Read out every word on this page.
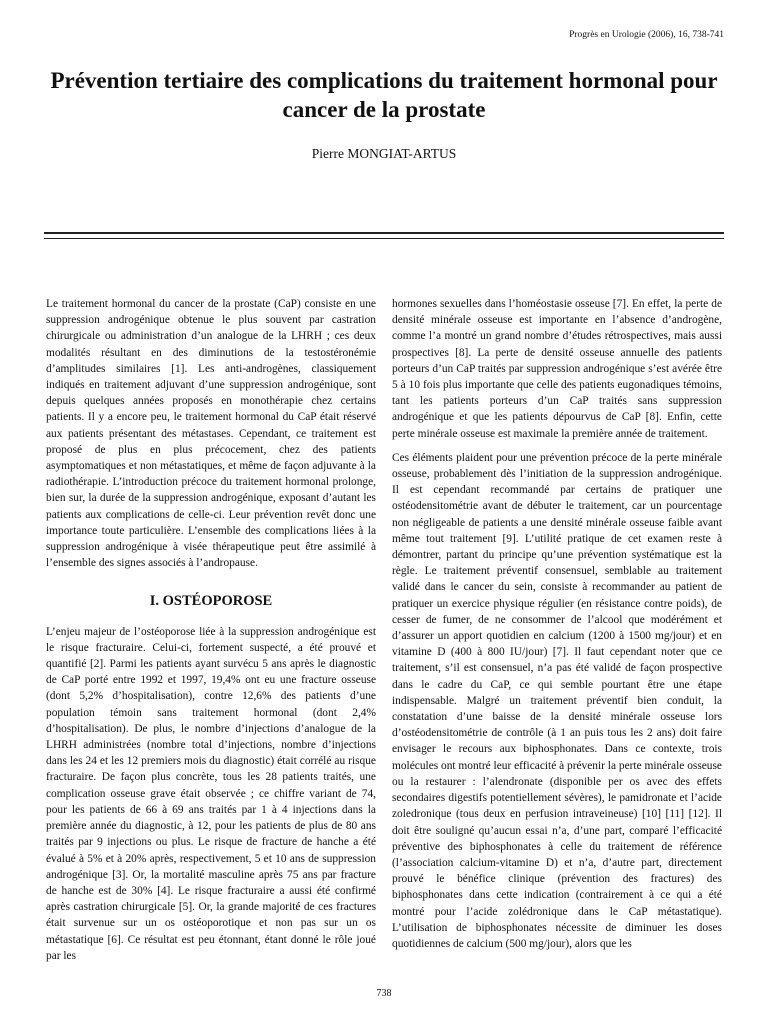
Progrès en Urologie (2006), 16, 738-741
Prévention tertiaire des complications du traitement hormonal pour cancer de la prostate
Pierre MONGIAT-ARTUS

Le traitement hormonal du cancer de la prostate (CaP) consiste en une suppression androgénique obtenue le plus souvent par castration chirurgicale ou administration d’un analogue de la LHRH ; ces deux modalités résultant en des diminutions de la testostéronémie d’amplitudes similaires [1]. Les anti-androgènes, classiquement indiqués en traitement adjuvant d’une suppression androgénique, sont depuis quelques années proposés en monothérapie chez certains patients. Il y a encore peu, le traitement hormonal du CaP était réservé aux patients présentant des métastases. Cependant, ce traitement est proposé de plus en plus précocement, chez des patients asymptomatiques et non métastatiques, et même de façon adjuvante à la radiothérapie. L’introduction précoce du traitement hormonal prolonge, bien sur, la durée de la suppression androgénique, exposant d’autant les patients aux complications de celle-ci. Leur prévention revêt donc une importance toute particulière. L’ensemble des complications liées à la suppression androgénique à visée thérapeutique peut être assimilé à l’ensemble des signes associés à l’andropause.

I. OSTÉOPOROSE

L’enjeu majeur de l’ostéoporose liée à la suppression androgénique est le risque fracturaire. Celui-ci, fortement suspecté, a été prouvé et quantifié [2]. Parmi les patients ayant survécu 5 ans après le diagnostic de CaP porté entre 1992 et 1997, 19,4% ont eu une fracture osseuse (dont 5,2% d’hospitalisation), contre 12,6% des patients d’une population témoin sans traitement hormonal (dont 2,4% d’hospitalisation). De plus, le nombre d’injections d’analogue de la LHRH administrées (nombre total d’injections, nombre d’injections dans les 24 et les 12 premiers mois du diagnostic) était corrélé au risque fracturaire. De façon plus concrète, tous les 28 patients traités, une complication osseuse grave était observée ; ce chiffre variant de 74, pour les patients de 66 à 69 ans traités par 1 à 4 injections dans la première année du diagnostic, à 12, pour les patients de plus de 80 ans traités par 9 injections ou plus. Le risque de fracture de hanche a été évalué à 5% et à 20% après, respectivement, 5 et 10 ans de suppression androgénique [3]. Or, la mortalité masculine après 75 ans par fracture de hanche est de 30% [4]. Le risque fracturaire a aussi été confirmé après castration chirurgicale [5]. Or, la grande majorité de ces fractures était survenue sur un os ostéoporotique et non pas sur un os métastatique [6]. Ce résultat est peu étonnant, étant donné le rôle joué par les

hormones sexuelles dans l’homéostasie osseuse [7]. En effet, la perte de densité minérale osseuse est importante en l’absence d’androgène, comme l’a montré un grand nombre d’études rétrospectives, mais aussi prospectives [8]. La perte de densité osseuse annuelle des patients porteurs d’un CaP traités par suppression androgénique s’est avérée être 5 à 10 fois plus importante que celle des patients eugonadiques témoins, tant les patients porteurs d’un CaP traités sans suppression androgénique et que les patients dépourvus de CaP [8]. Enfin, cette perte minérale osseuse est maximale la première année de traitement.

Ces éléments plaident pour une prévention précoce de la perte minérale osseuse, probablement dès l’initiation de la suppression androgénique. Il est cependant recommandé par certains de pratiquer une ostéodensitométrie avant de débuter le traitement, car un pourcentage non négligeable de patients a une densité minérale osseuse faible avant même tout traitement [9]. L’utilité pratique de cet examen reste à démontrer, partant du principe qu’une prévention systématique est la règle. Le traitement préventif consensuel, semblable au traitement validé dans le cancer du sein, consiste à recommander au patient de pratiquer un exercice physique régulier (en résistance contre poids), de cesser de fumer, de ne consommer de l’alcool que modérément et d’assurer un apport quotidien en calcium (1200 à 1500 mg/jour) et en vitamine D (400 à 800 IU/jour) [7]. Il faut cependant noter que ce traitement, s’il est consensuel, n’a pas été validé de façon prospective dans le cadre du CaP, ce qui semble pourtant être une étape indispensable. Malgré un traitement préventif bien conduit, la constatation d’une baisse de la densité minérale osseuse lors d’ostéodensitométrie de contrôle (à 1 an puis tous les 2 ans) doit faire envisager le recours aux biphosphonates. Dans ce contexte, trois molécules ont montré leur efficacité à prévenir la perte minérale osseuse ou la restaurer : l’alendronate (disponible per os avec des effets secondaires digestifs potentiellement sévères), le pamidronate et l’acide zoledronique (tous deux en perfusion intraveineuse) [10] [11] [12]. Il doit être souligné qu’aucun essai n’a, d’une part, comparé l’efficacité préventive des biphosphonates à celle du traitement de référence (l’association calcium-vitamine D) et n’a, d’autre part, directement prouvé le bénéfice clinique (prévention des fractures) des biphosphonates dans cette indication (contrairement à ce qui a été montré pour l’acide zolédronique dans le CaP métastatique). L’utilisation de biphosphonates nécessite de diminuer les doses quotidiennes de calcium (500 mg/jour), alors que les

738
